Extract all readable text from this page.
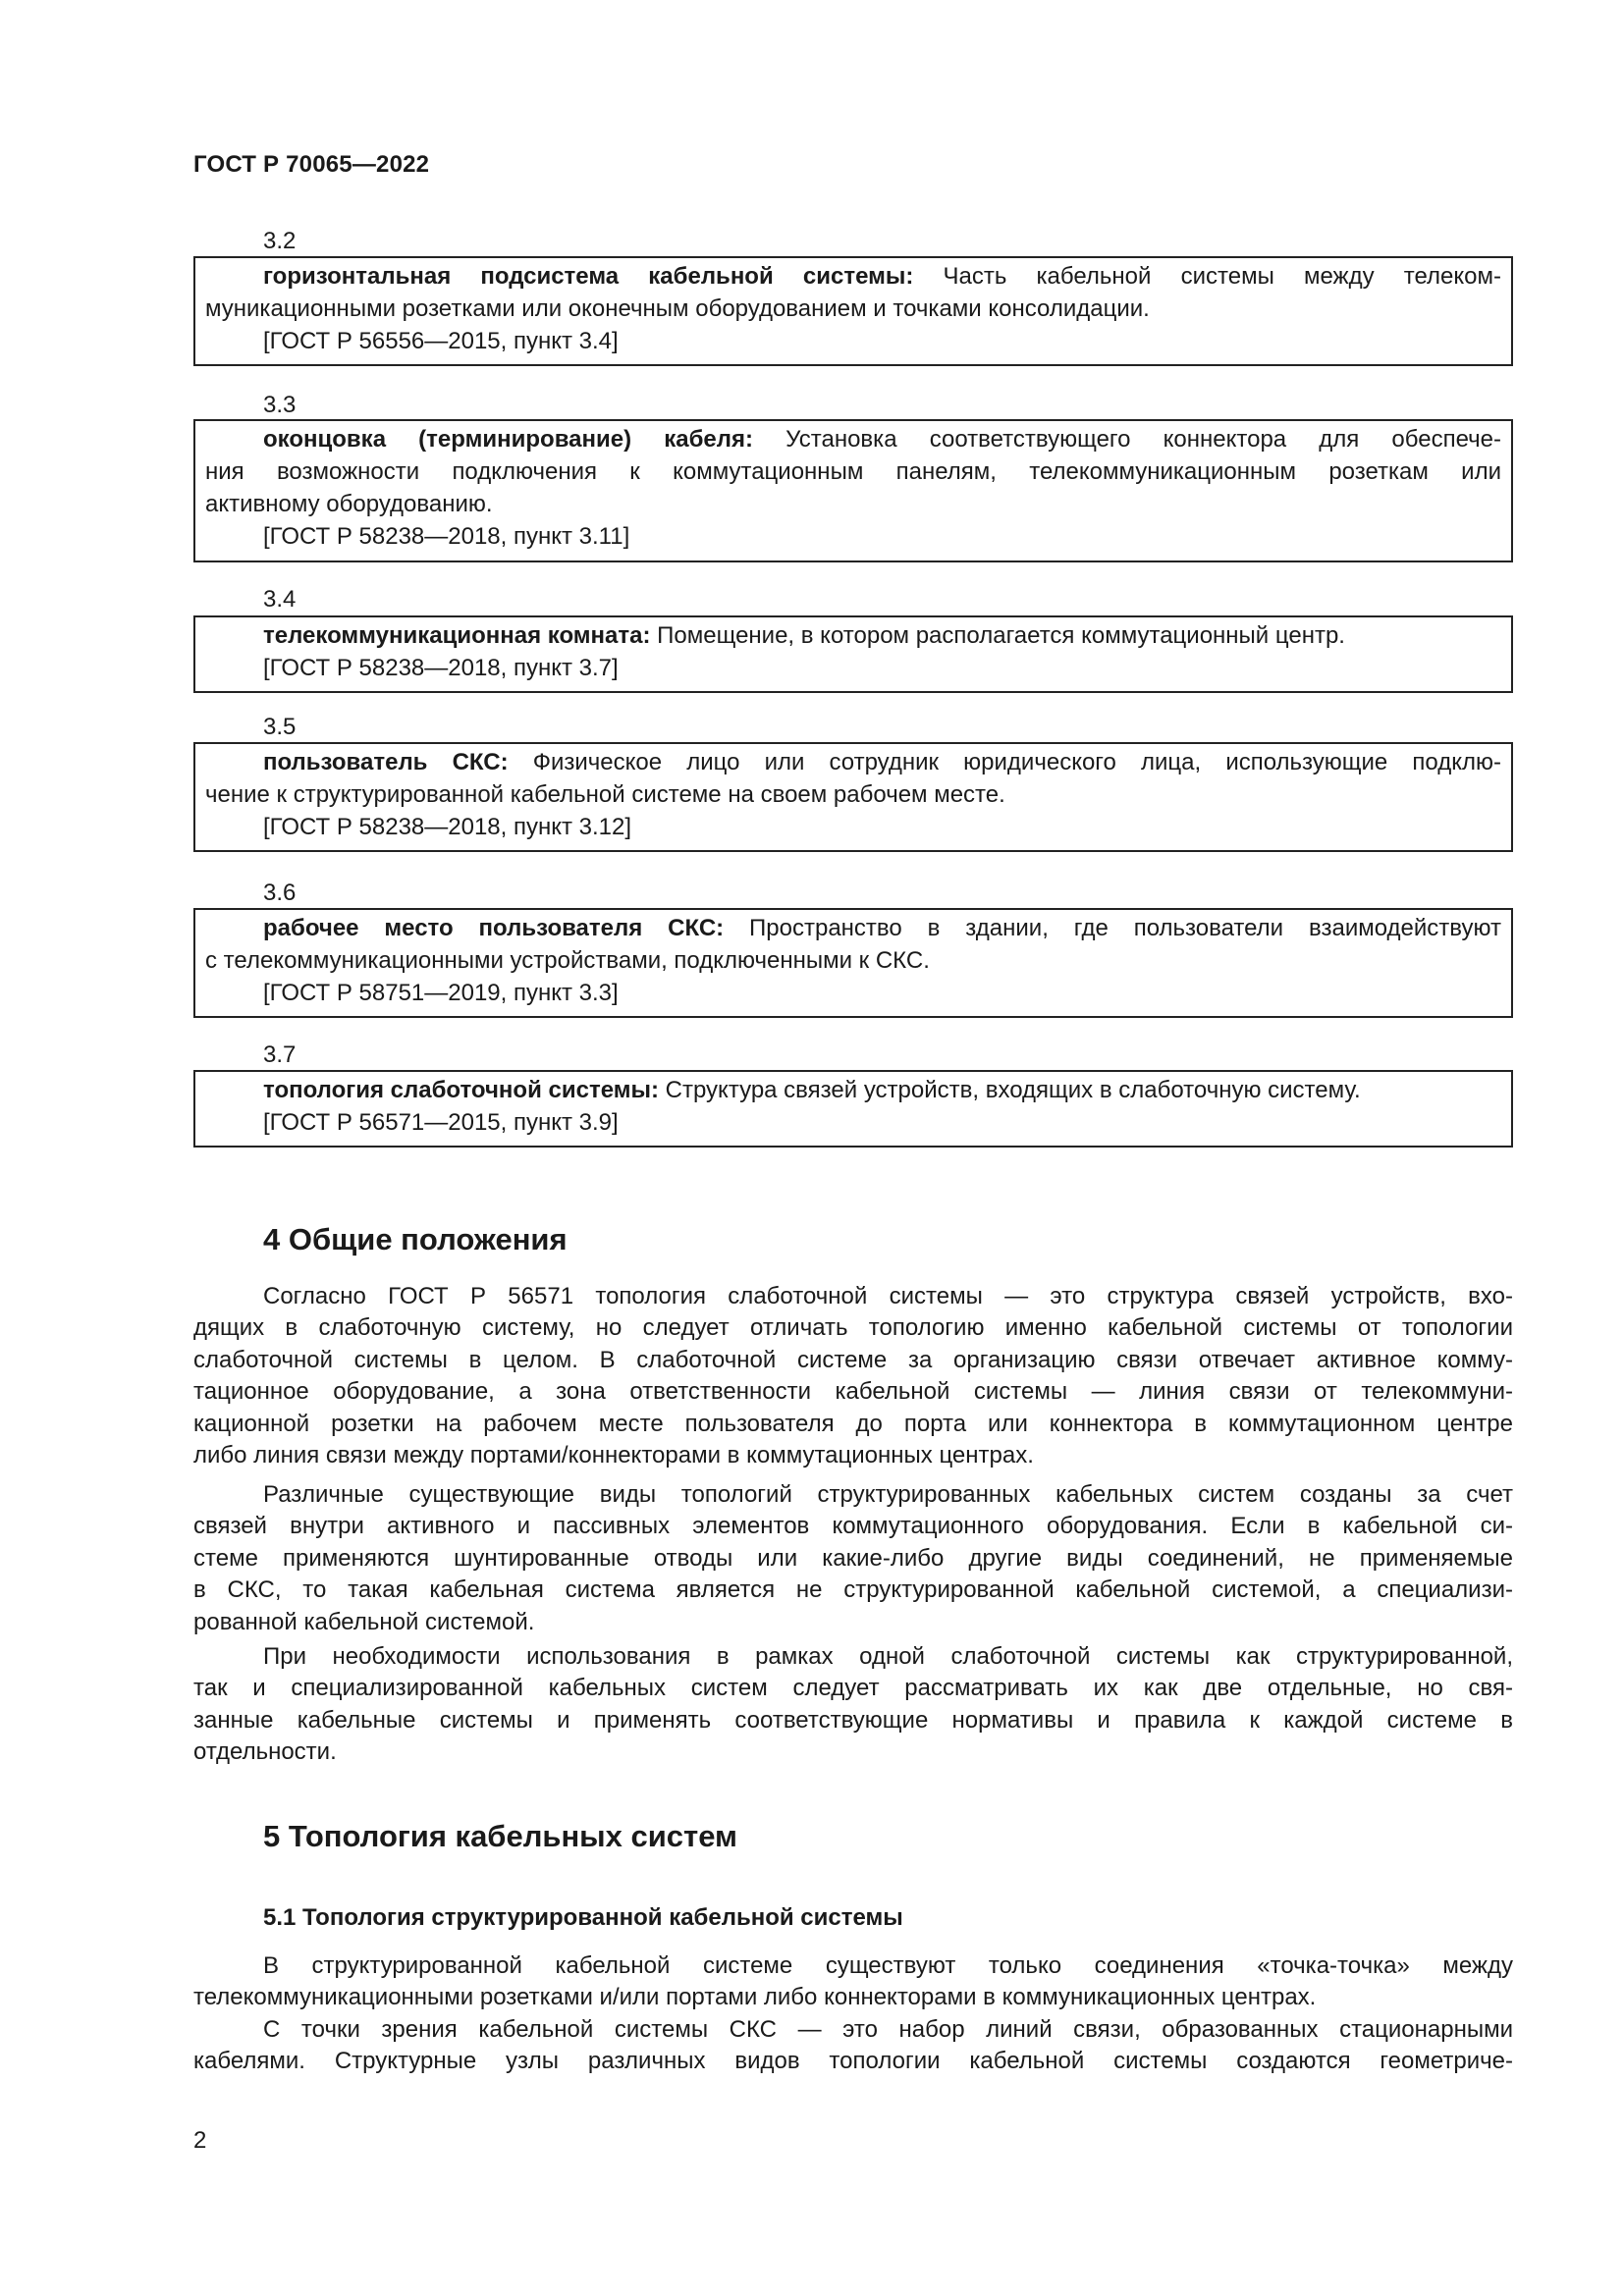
ГОСТ Р 70065—2022
3.2
горизонтальная подсистема кабельной системы: Часть кабельной системы между телеком-
муникационными розетками или оконечным оборудованием и точками консолидации.
[ГОСТ Р 56556—2015, пункт 3.4]
3.3
оконцовка (терминирование) кабеля: Установка соответствующего коннектора для обеспече-
ния возможности подключения к коммутационным панелям, телекоммуникационным розеткам или
активному оборудованию.
[ГОСТ Р 58238—2018, пункт 3.11]
3.4
телекоммуникационная комната: Помещение, в котором располагается коммутационный центр.
[ГОСТ Р 58238—2018, пункт 3.7]
3.5
пользователь СКС: Физическое лицо или сотрудник юридического лица, использующие подклю-
чение к структурированной кабельной системе на своем рабочем месте.
[ГОСТ Р 58238—2018, пункт 3.12]
3.6
рабочее место пользователя СКС: Пространство в здании, где пользователи взаимодействуют
с телекоммуникационными устройствами, подключенными к СКС.
[ГОСТ Р 58751—2019, пункт 3.3]
3.7
топология слаботочной системы: Структура связей устройств, входящих в слаботочную систему.
[ГОСТ Р 56571—2015, пункт 3.9]
4 Общие положения
Согласно ГОСТ Р 56571 топология слаботочной системы — это структура связей устройств, вхо-
дящих в слаботочную систему, но следует отличать топологию именно кабельной системы от топологии
слаботочной системы в целом. В слаботочной системе за организацию связи отвечает активное комму-
тационное оборудование, а зона ответственности кабельной системы — линия связи от телекоммуни-
кационной розетки на рабочем месте пользователя до порта или коннектора в коммутационном центре
либо линия связи между портами/коннекторами в коммутационных центрах.
Различные существующие виды топологий структурированных кабельных систем созданы за счет
связей внутри активного и пассивных элементов коммутационного оборудования. Если в кабельной си-
стеме применяются шунтированные отводы или какие-либо другие виды соединений, не применяемые
в СКС, то такая кабельная система является не структурированной кабельной системой, а специализи-
рованной кабельной системой.
При необходимости использования в рамках одной слаботочной системы как структурированной,
так и специализированной кабельных систем следует рассматривать их как две отдельные, но свя-
занные кабельные системы и применять соответствующие нормативы и правила к каждой системе в
отдельности.
5 Топология кабельных систем
5.1 Топология структурированной кабельной системы
В структурированной кабельной системе существуют только соединения «точка-точка» между
телекоммуникационными розетками и/или портами либо коннекторами в коммуникационных центрах.
С точки зрения кабельной системы СКС — это набор линий связи, образованных стационарными
кабелями. Структурные узлы различных видов топологии кабельной системы создаются геометриче-
2
